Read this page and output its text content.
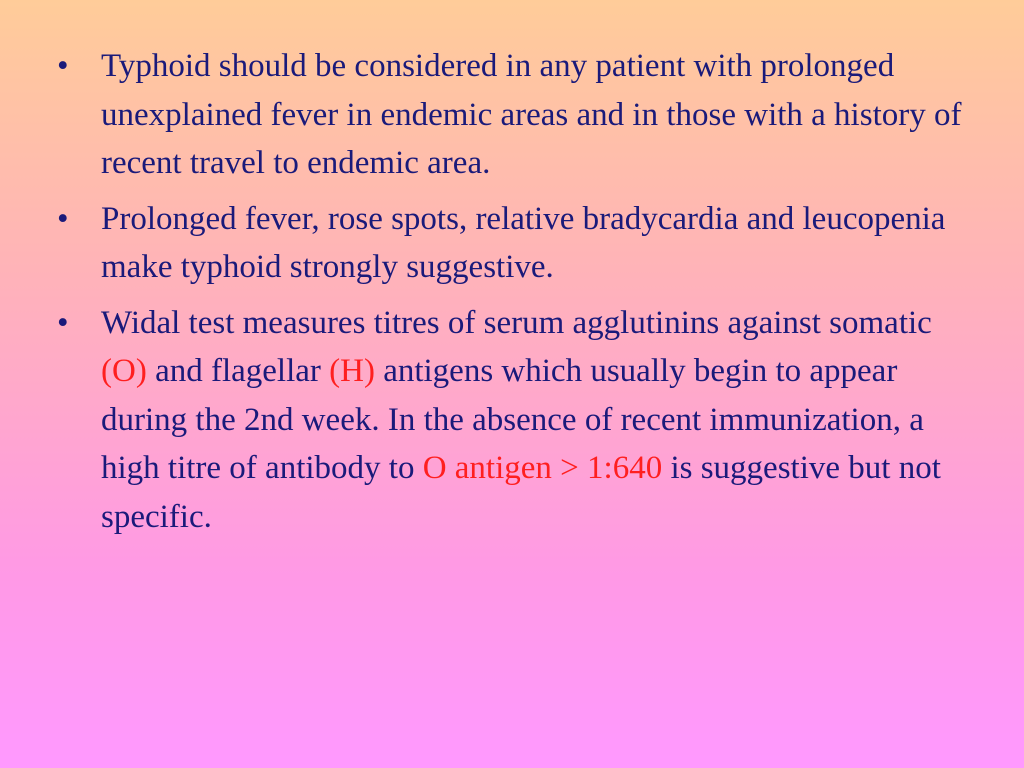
• Typhoid should be considered in any patient with prolonged unexplained fever in endemic areas and in those with a history of recent travel to endemic area.
• Prolonged fever, rose spots, relative bradycardia and leucopenia make typhoid strongly suggestive.
• Widal test measures titres of serum agglutinins against somatic (O) and flagellar (H) antigens which usually begin to appear during the 2nd week. In the absence of recent immunization, a high titre of antibody to O antigen > 1:640 is suggestive but not specific.
